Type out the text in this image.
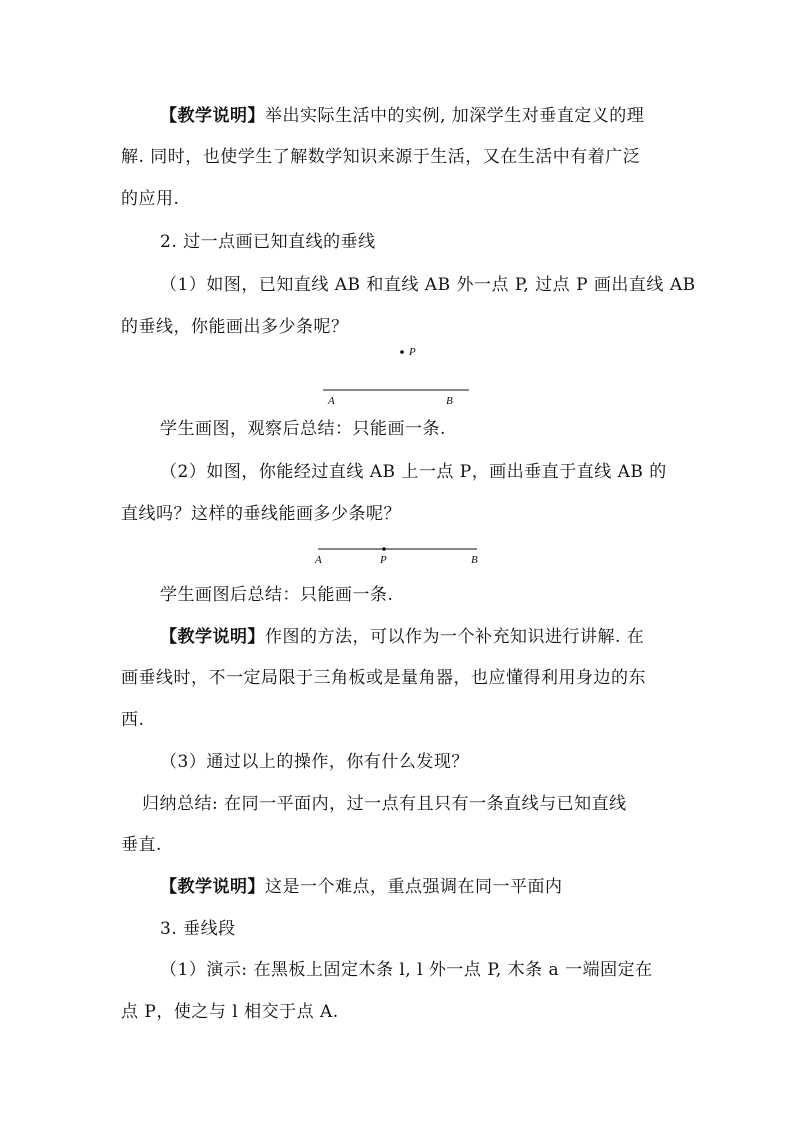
【教学说明】举出实际生活中的实例, 加深学生对垂直定义的理
解. 同时，也使学生了解数学知识来源于生活，又在生活中有着广泛
的应用.
2. 过一点画已知直线的垂线
（1）如图，已知直线 AB 和直线 AB 外一点 P, 过点 P 画出直线 AB
的垂线，你能画出多少条呢？
P
A	B
学生画图，观察后总结：只能画一条.
（2）如图，你能经过直线 AB 上一点 P，画出垂直于直线 AB 的
直线吗？这样的垂线能画多少条呢？
A	P	B
学生画图后总结：只能画一条.
【教学说明】作图的方法，可以作为一个补充知识进行讲解. 在
画垂线时，不一定局限于三角板或是量角器，也应懂得利用身边的东
西.
（3）通过以上的操作，你有什么发现？
归纳总结: 在同一平面内，过一点有且只有一条直线与已知直线
垂直.
【教学说明】这是一个难点，重点强调在同一平面内
3. 垂线段
（1）演示: 在黑板上固定木条 l, l 外一点 P, 木条 a 一端固定在
点 P，使之与 l 相交于点 A.
